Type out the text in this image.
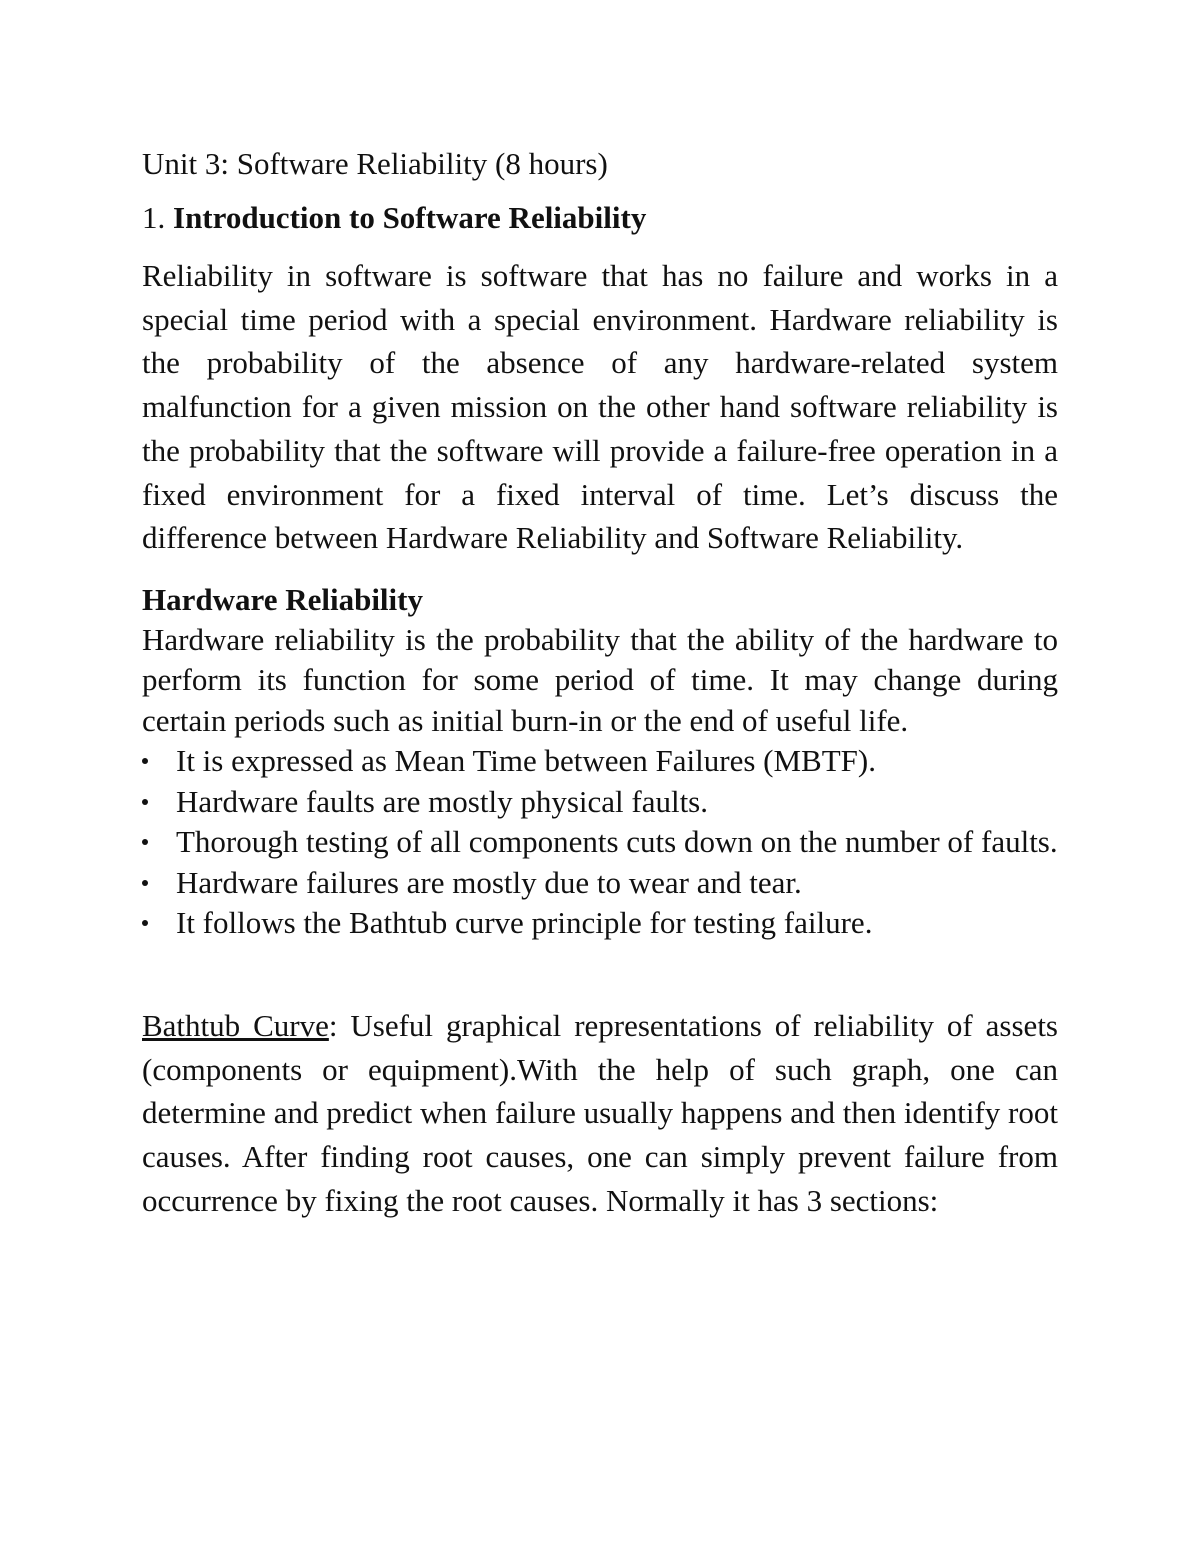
Unit 3: Software Reliability (8 hours)

1. Introduction to Software Reliability

Reliability in software is software that has no failure and works in a special time period with a special environment. Hardware reliability is the probability of the absence of any hardware-related system malfunction for a given mission on the other hand software reliability is the probability that the software will provide a failure-free operation in a fixed environment for a fixed interval of time. Let’s discuss the difference between Hardware Reliability and Software Reliability.

Hardware Reliability

Hardware reliability is the probability that the ability of the hardware to perform its function for some period of time. It may change during certain periods such as initial burn-in or the end of useful life.

It is expressed as Mean Time between Failures (MBTF).
Hardware faults are mostly physical faults.
Thorough testing of all components cuts down on the number of faults.
Hardware failures are mostly due to wear and tear.
It follows the Bathtub curve principle for testing failure.

Bathtub Curve: Useful graphical representations of reliability of assets (components or equipment).With the help of such graph, one can determine and predict when failure usually happens and then identify root causes. After finding root causes, one can simply prevent failure from occurrence by fixing the root causes. Normally it has 3 sections:
